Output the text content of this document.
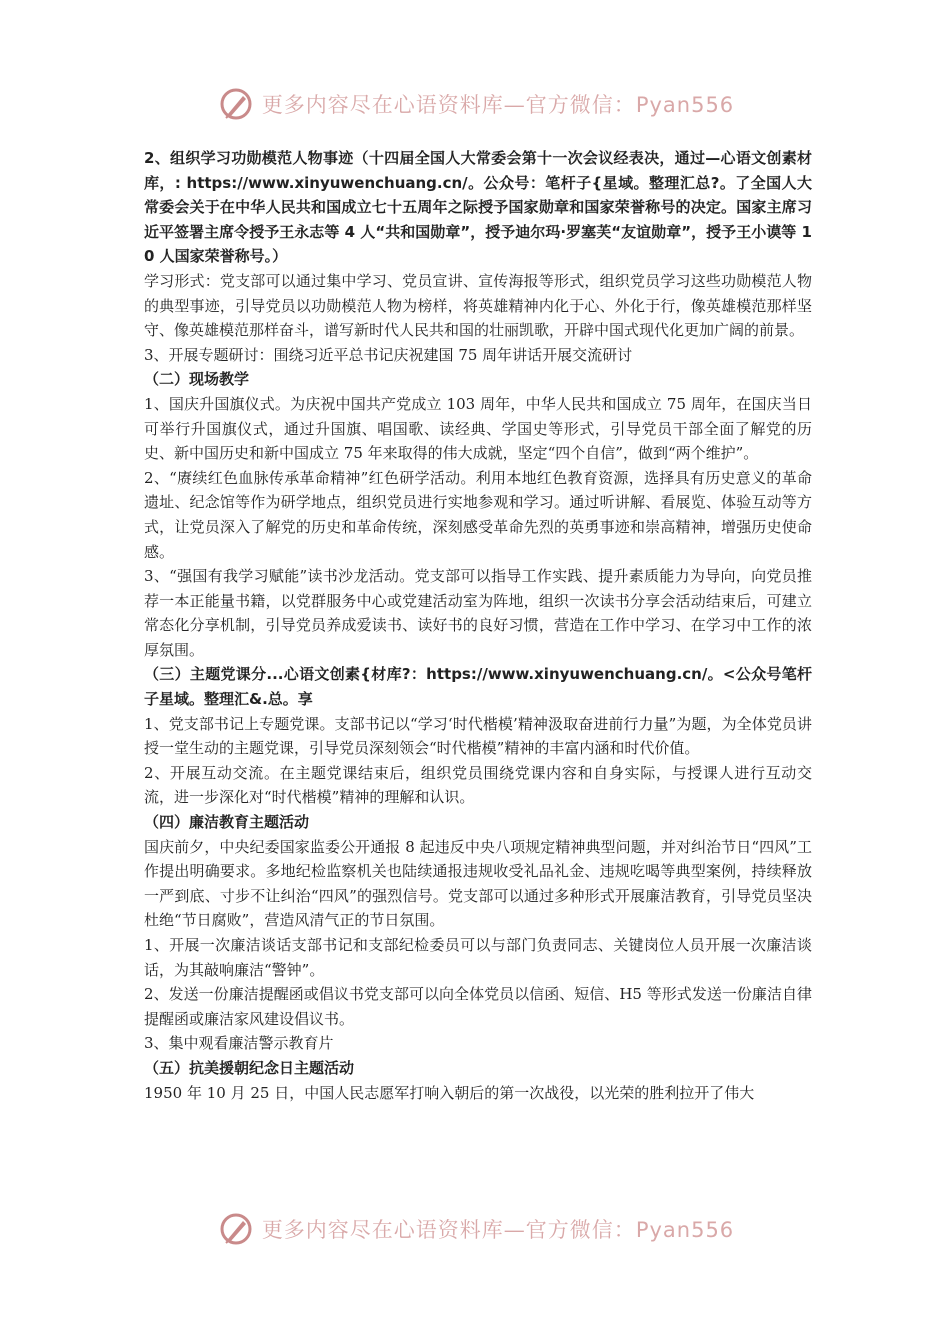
更多内容尽在心语资料库—官方微信：Pyan556

2、组织学习功勋模范人物事迹（十四届全国人大常委会第十一次会议经表决，通过—心语文创素材库，: https://www.xinyuwenchuang.cn/。公众号：笔杆子{星域。整理汇总?。了全国人大常委会关于在中华人民共和国成立七十五周年之际授予国家勋章和国家荣誉称号的决定。国家主席习近平签署主席令授予王永志等 4 人“共和国勋章”，授予迪尔玛·罗塞芙“友谊勋章”，授予王小谟等 10 人国家荣誉称号。）

学习形式：党支部可以通过集中学习、党员宣讲、宣传海报等形式，组织党员学习这些功勋模范人物的典型事迹，引导党员以功勋模范人物为榜样，将英雄精神内化于心、外化于行，像英雄模范那样坚守、像英雄模范那样奋斗，谱写新时代人民共和国的壮丽凯歌，开辟中国式现代化更加广阔的前景。

3、开展专题研讨：围绕习近平总书记庆祝建国 75 周年讲话开展交流研讨

（二）现场教学

1、国庆升国旗仪式。为庆祝中国共产党成立 103 周年，中华人民共和国成立 75 周年，在国庆当日可举行升国旗仪式，通过升国旗、唱国歌、读经典、学国史等形式，引导党员干部全面了解党的历史、新中国历史和新中国成立 75 年来取得的伟大成就，坚定“四个自信”，做到“两个维护”。

2、“赓续红色血脉传承革命精神”红色研学活动。利用本地红色教育资源，选择具有历史意义的革命遗址、纪念馆等作为研学地点，组织党员进行实地参观和学习。通过听讲解、看展览、体验互动等方式，让党员深入了解党的历史和革命传统，深刻感受革命先烈的英勇事迹和崇高精神，增强历史使命感。

3、“强国有我学习赋能”读书沙龙活动。党支部可以指导工作实践、提升素质能力为导向，向党员推荐一本正能量书籍，以党群服务中心或党建活动室为阵地，组织一次读书分享会活动结束后，可建立常态化分享机制，引导党员养成爱读书、读好书的良好习惯，营造在工作中学习、在学习中工作的浓厚氛围。

（三）主题党课分...心语文创素{材库?：https://www.xinyuwenchuang.cn/。<公众号笔杆子星域。整理汇&.总。享

1、党支部书记上专题党课。支部书记以“学习‘时代楷模’精神汲取奋进前行力量”为题，为全体党员讲授一堂生动的主题党课，引导党员深刻领会“时代楷模”精神的丰富内涵和时代价值。

2、开展互动交流。在主题党课结束后，组织党员围绕党课内容和自身实际，与授课人进行互动交流，进一步深化对“时代楷模”精神的理解和认识。

（四）廉洁教育主题活动

国庆前夕，中央纪委国家监委公开通报 8 起违反中央八项规定精神典型问题，并对纠治节日“四风”工作提出明确要求。多地纪检监察机关也陆续通报违规收受礼品礼金、违规吃喝等典型案例，持续释放一严到底、寸步不让纠治“四风”的强烈信号。党支部可以通过多种形式开展廉洁教育，引导党员坚决杜绝“节日腐败”，营造风清气正的节日氛围。

1、开展一次廉洁谈话支部书记和支部纪检委员可以与部门负责同志、关键岗位人员开展一次廉洁谈话，为其敲响廉洁“警钟”。

2、发送一份廉洁提醒函或倡议书党支部可以向全体党员以信函、短信、H5 等形式发送一份廉洁自律提醒函或廉洁家风建设倡议书。

3、集中观看廉洁警示教育片

（五）抗美援朝纪念日主题活动

1950 年 10 月 25 日，中国人民志愿军打响入朝后的第一次战役，以光荣的胜利拉开了伟大

更多内容尽在心语资料库—官方微信：Pyan556
